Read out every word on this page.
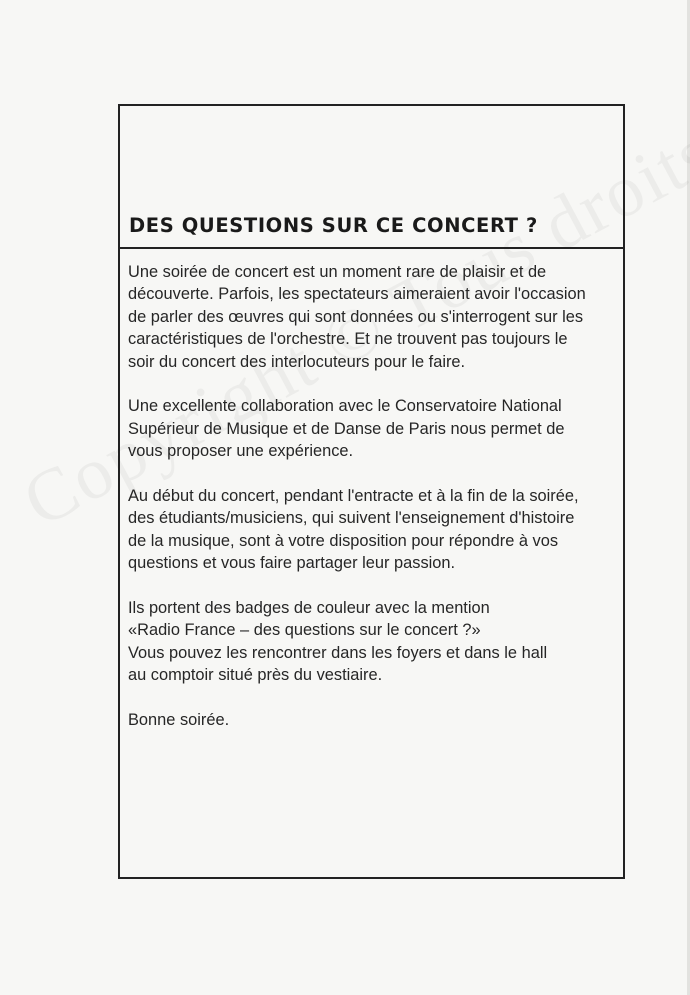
DES QUESTIONS SUR CE CONCERT ?

Une soirée de concert est un moment rare de plaisir et de
découverte. Parfois, les spectateurs aimeraient avoir l'occasion
de parler des œuvres qui sont données ou s'interrogent sur les
caractéristiques de l'orchestre. Et ne trouvent pas toujours le
soir du concert des interlocuteurs pour le faire.

Une excellente collaboration avec le Conservatoire National
Supérieur de Musique et de Danse de Paris nous permet de
vous proposer une expérience.

Au début du concert, pendant l'entracte et à la fin de la soirée,
des étudiants/musiciens, qui suivent l'enseignement d'histoire
de la musique, sont à votre disposition pour répondre à vos
questions et vous faire partager leur passion.

Ils portent des badges de couleur avec la mention
«Radio France – des questions sur le concert ?»
Vous pouvez les rencontrer dans les foyers et dans le hall
au comptoir situé près du vestiaire.

Bonne soirée.
